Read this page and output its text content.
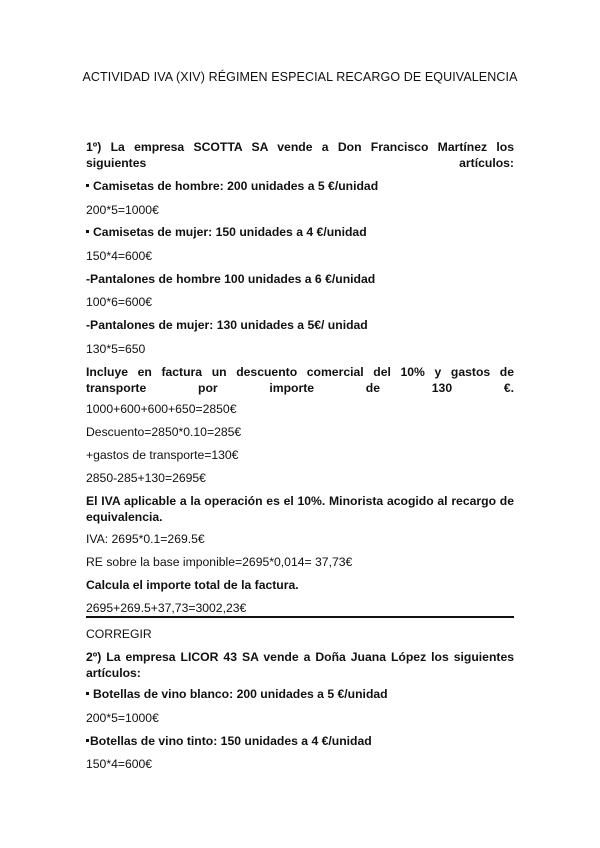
ACTIVIDAD IVA (XIV) RÉGIMEN ESPECIAL RECARGO DE EQUIVALENCIA
1º) La empresa SCOTTA SA vende a Don Francisco Martínez los siguientes artículos:
Camisetas de hombre: 200 unidades a 5 €/unidad
200*5=1000€
Camisetas de mujer: 150 unidades a 4 €/unidad
150*4=600€
-Pantalones de hombre 100 unidades a 6 €/unidad
100*6=600€
-Pantalones de mujer: 130 unidades a 5€/ unidad
130*5=650
Incluye en factura un descuento comercial del 10% y gastos de transporte por importe de 130 €.
1000+600+600+650=2850€
Descuento=2850*0.10=285€
+gastos de transporte=130€
2850-285+130=2695€
El IVA aplicable a la operación es el 10%. Minorista acogido al recargo de equivalencia.
IVA: 2695*0.1=269.5€
RE sobre la base imponible=2695*0,014= 37,73€
Calcula el importe total de la factura.
2695+269.5+37,73=3002,23€
CORREGIR
2º) La empresa LICOR 43 SA vende a Doña Juana López los siguientes artículos:
Botellas de vino blanco: 200 unidades a 5 €/unidad
200*5=1000€
Botellas de vino tinto: 150 unidades a 4 €/unidad
150*4=600€
